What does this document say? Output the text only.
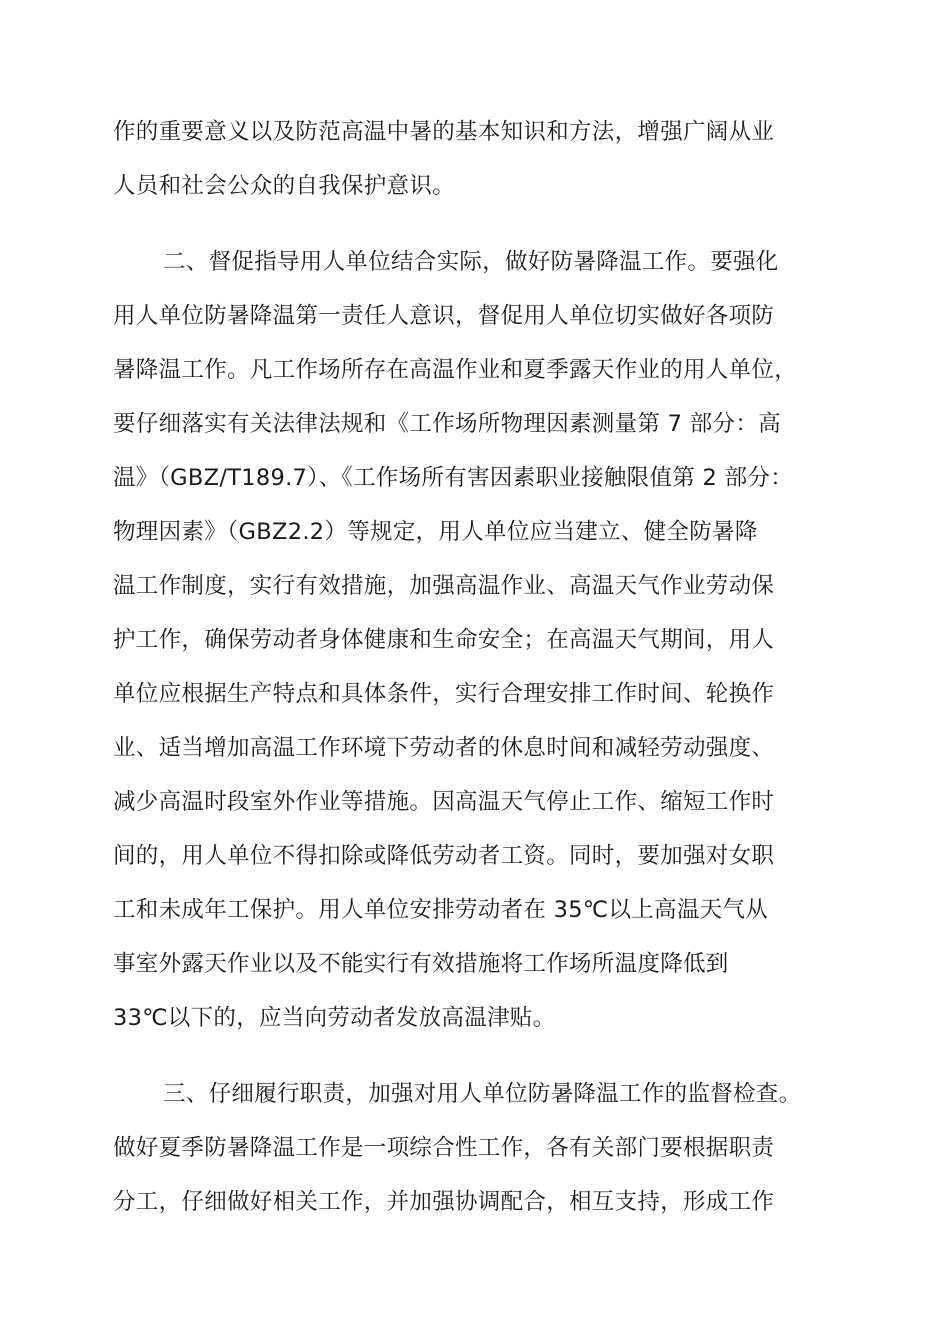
作的重要意义以及防范高温中暑的基本知识和方法，增强广阔从业
人员和社会公众的自我保护意识。
二、督促指导用人单位结合实际，做好防暑降温工作。要强化
用人单位防暑降温第一责任人意识，督促用人单位切实做好各项防
暑降温工作。凡工作场所存在高温作业和夏季露天作业的用人单位，
要仔细落实有关法律法规和《工作场所物理因素测量第 7 部分：高
温》（GBZ/T189.7）、《工作场所有害因素职业接触限值第 2 部分：
物理因素》（GBZ2.2）等规定，用人单位应当建立、健全防暑降
温工作制度，实行有效措施，加强高温作业、高温天气作业劳动保
护工作，确保劳动者身体健康和生命安全；在高温天气期间，用人
单位应根据生产特点和具体条件，实行合理安排工作时间、轮换作
业、适当增加高温工作环境下劳动者的休息时间和减轻劳动强度、
减少高温时段室外作业等措施。因高温天气停止工作、缩短工作时
间的，用人单位不得扣除或降低劳动者工资。同时，要加强对女职
工和未成年工保护。用人单位安排劳动者在 35℃以上高温天气从
事室外露天作业以及不能实行有效措施将工作场所温度降低到
33℃以下的，应当向劳动者发放高温津贴。
三、仔细履行职责，加强对用人单位防暑降温工作的监督检查。
做好夏季防暑降温工作是一项综合性工作，各有关部门要根据职责
分工，仔细做好相关工作，并加强协调配合，相互支持，形成工作
